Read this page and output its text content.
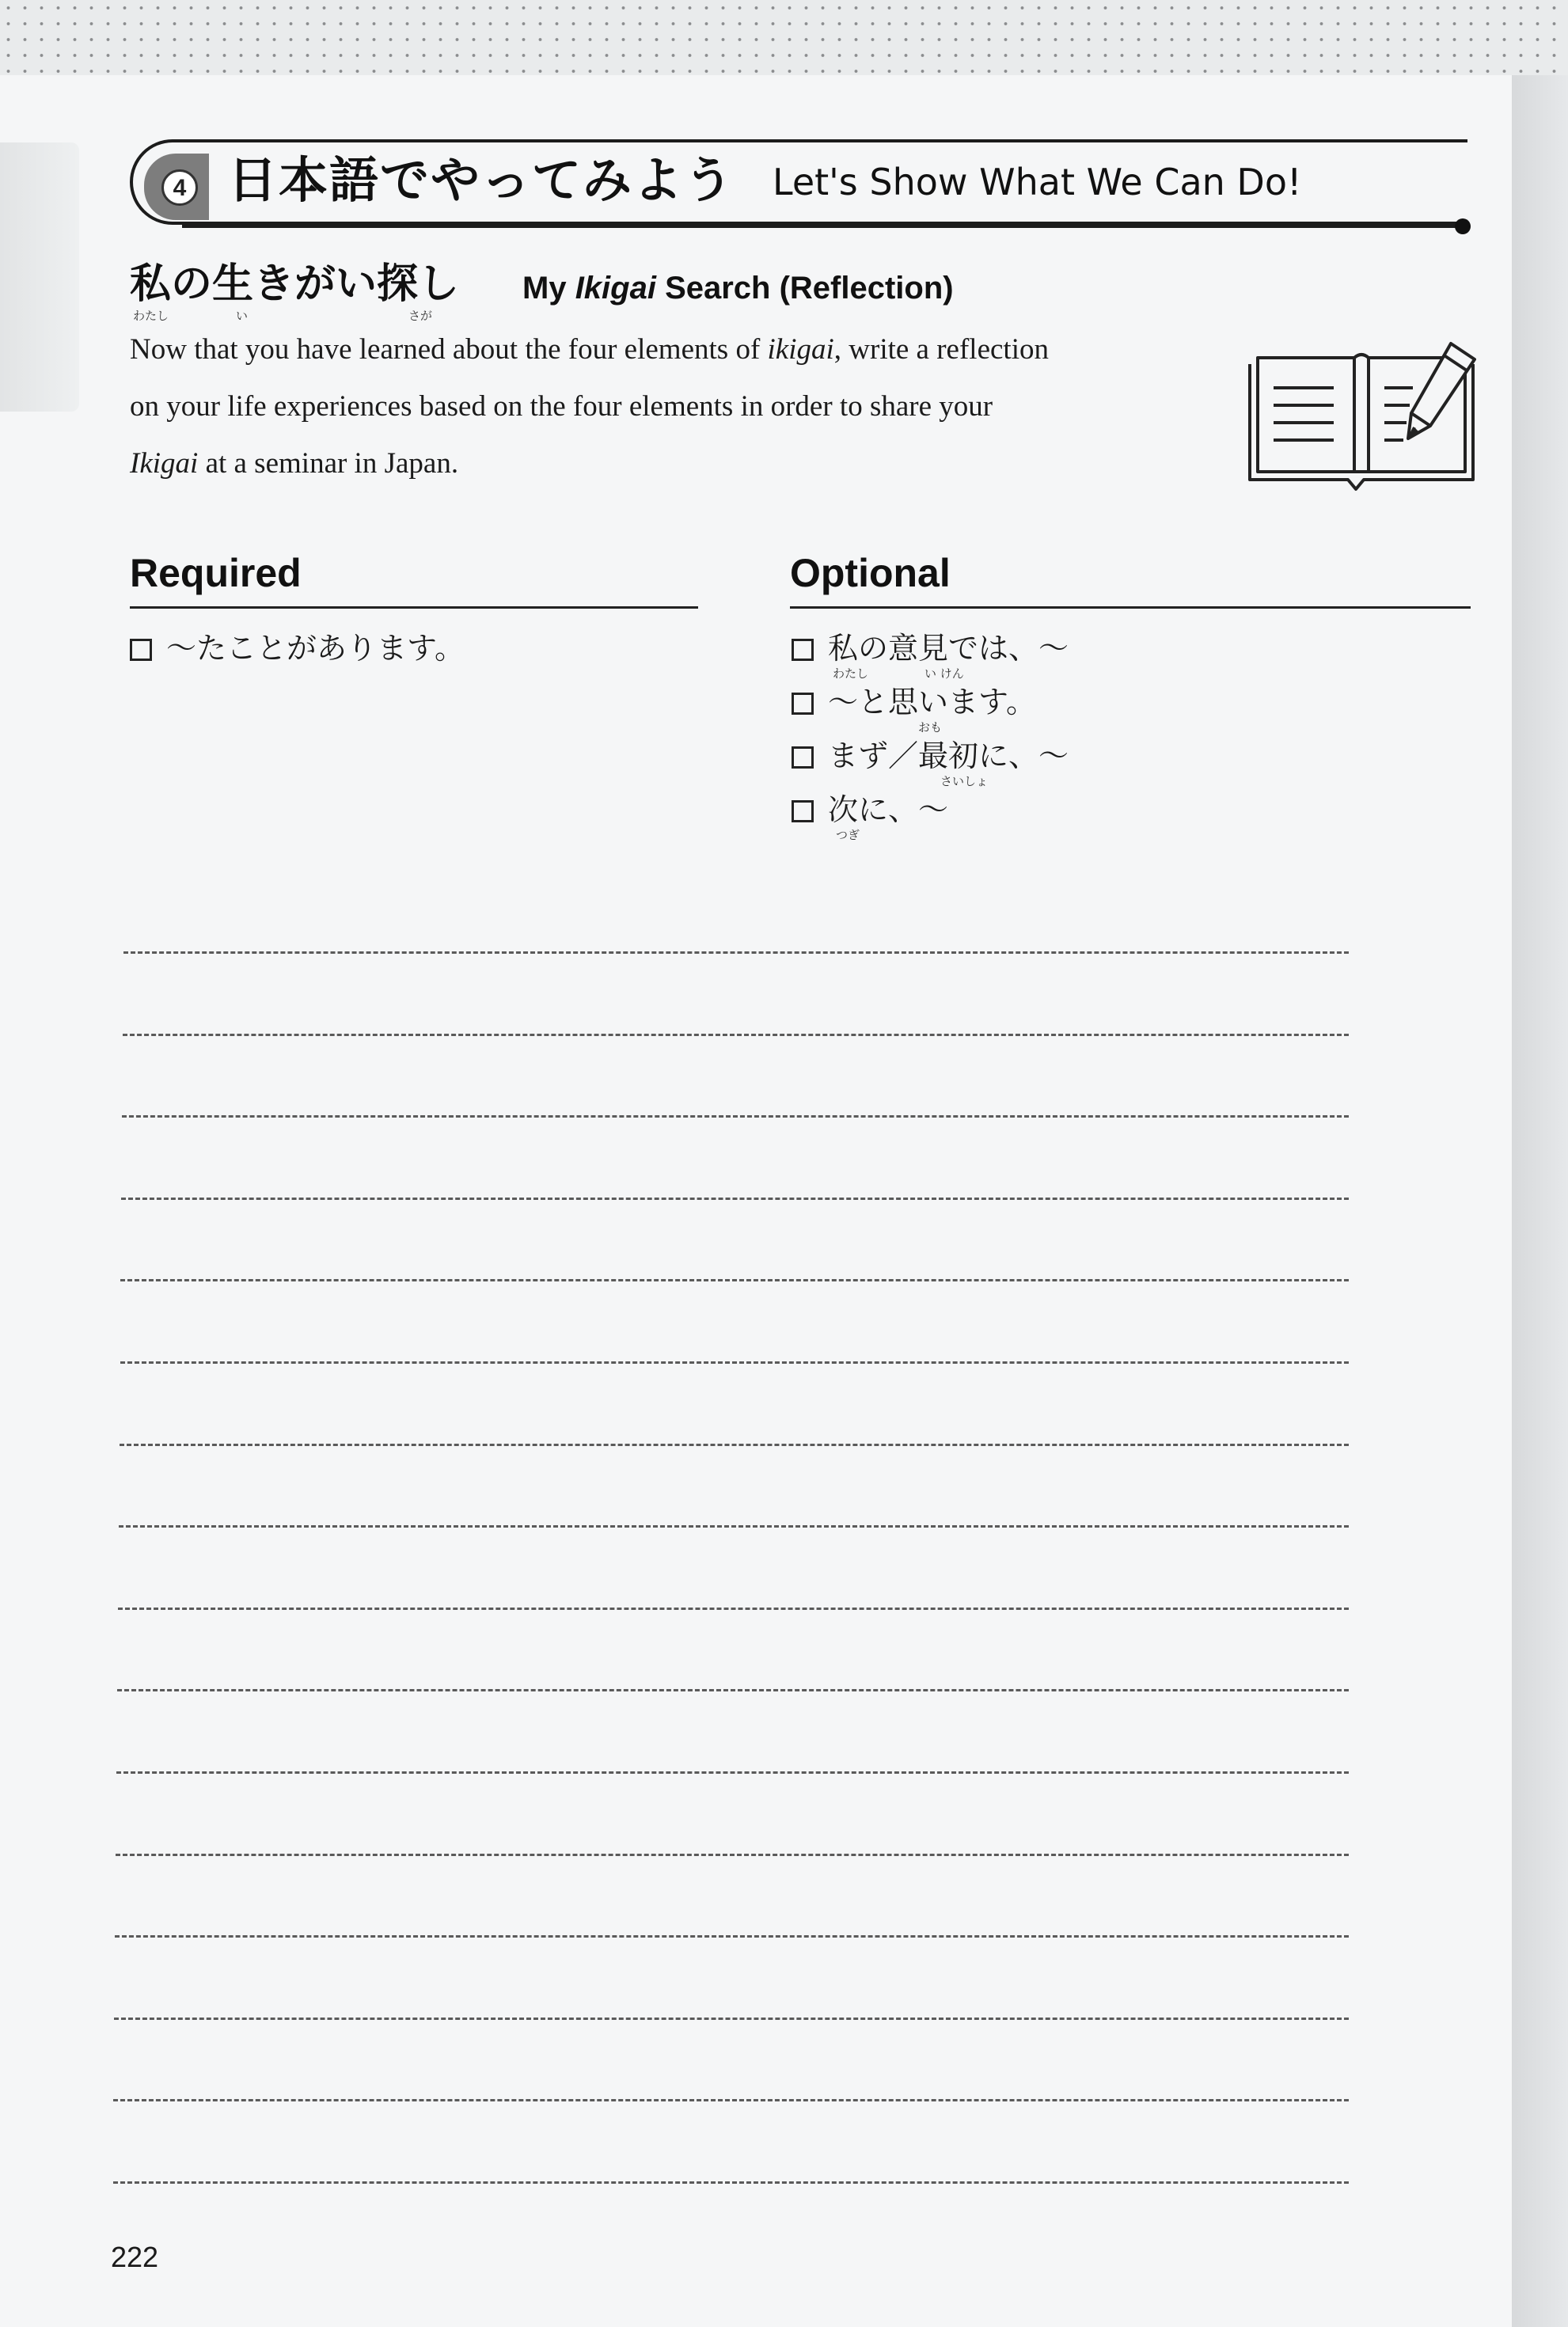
4 日本語でやってみよう Let's Show What We Can Do!
私の生きがい探し
わたし	い	さが
My Ikigai Search (Reflection)

Now that you have learned about the four elements of ikigai, write a reflection

on your life experiences based on the four elements in order to share your

Ikigai at a seminar in Japan.

Required
～たことがあります。
Optional
私の意見では、～
わたし	い けん
～と思います。
おも
まず／最初に、～
さいしょ
次に、～
つぎ
222
